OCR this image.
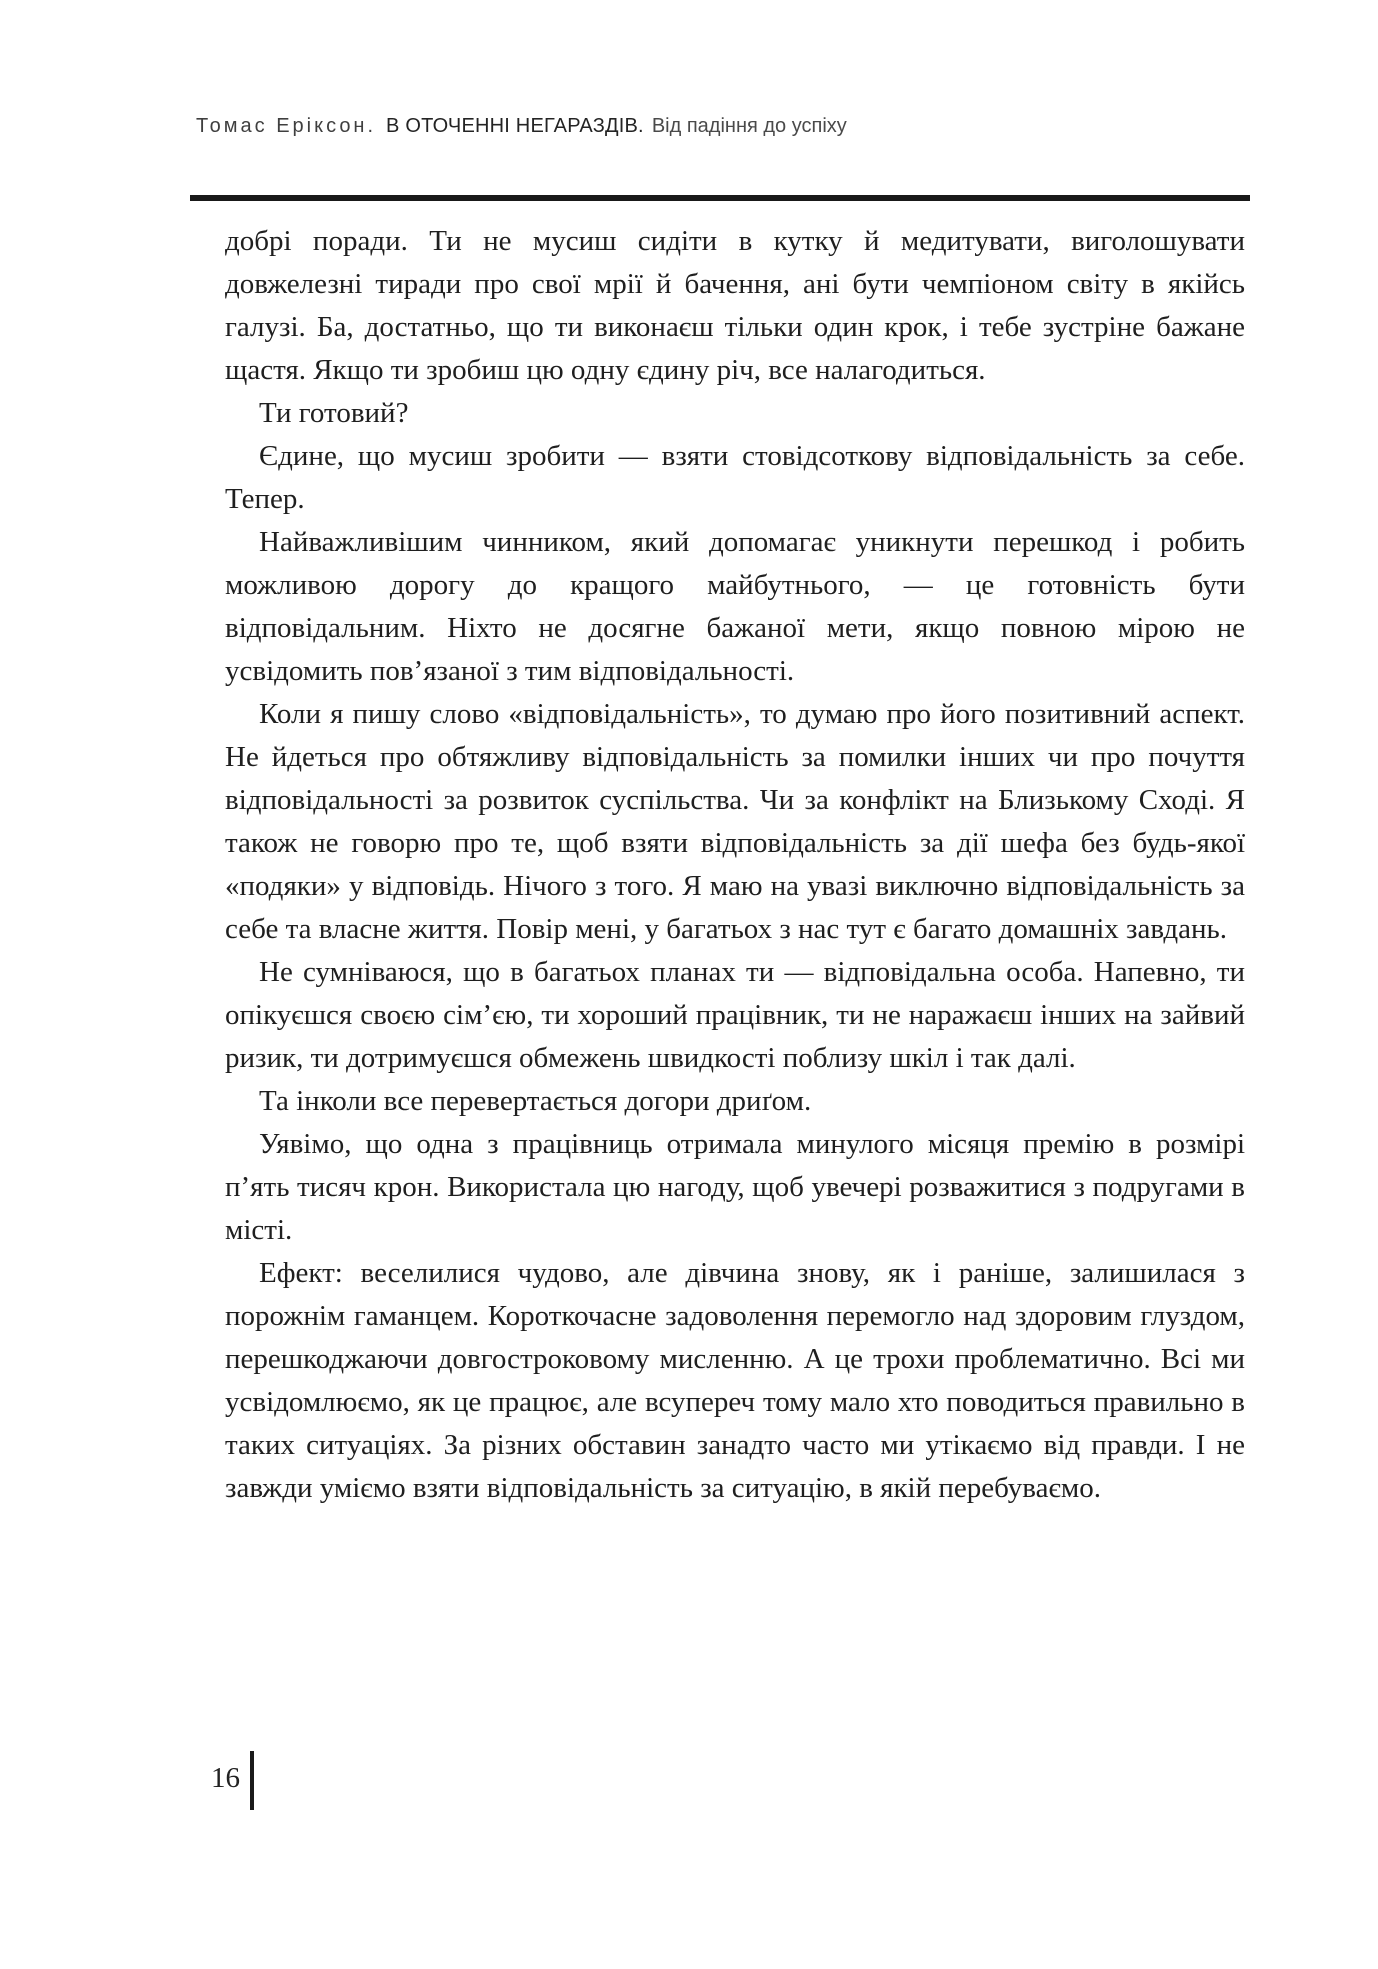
Томас Еріксон. В ОТОЧЕННІ НЕГАРАЗДІВ. Від падіння до успіху

добрі поради. Ти не мусиш сидіти в кутку й медитувати, виголошувати довжелезні тиради про свої мрії й бачення, ані бути чемпіоном світу в якійсь галузі. Ба, достатньо, що ти виконаєш тільки один крок, і тебе зустріне бажане щастя. Якщо ти зробиш цю одну єдину річ, все налагодиться.

Ти готовий?

Єдине, що мусиш зробити — взяти стовідсоткову відповідальність за себе. Тепер.

Найважливішим чинником, який допомагає уникнути перешкод і робить можливою дорогу до кращого майбутнього, — це готовність бути відповідальним. Ніхто не досягне бажаної мети, якщо повною мірою не усвідомить пов’язаної з тим відповідальності.

Коли я пишу слово «відповідальність», то думаю про його позитивний аспект. Не йдеться про обтяжливу відповідальність за помилки інших чи про почуття відповідальності за розвиток суспільства. Чи за конфлікт на Близькому Сході. Я також не говорю про те, щоб взяти відповідальність за дії шефа без будь-якої «подяки» у відповідь. Нічого з того. Я маю на увазі виключно відповідальність за себе та власне життя. Повір мені, у багатьох з нас тут є багато домашніх завдань.

Не сумніваюся, що в багатьох планах ти — відповідальна особа. Напевно, ти опікуєшся своєю сім’єю, ти хороший працівник, ти не наражаєш інших на зайвий ризик, ти дотримуєшся обмежень швидкості поблизу шкіл і так далі.

Та інколи все перевертається догори дриґом.

Уявімо, що одна з працівниць отримала минулого місяця премію в розмірі п’ять тисяч крон. Використала цю нагоду, щоб увечері розважитися з подругами в місті.

Ефект: веселилися чудово, але дівчина знову, як і раніше, залишилася з порожнім гаманцем. Короткочасне задоволення перемогло над здоровим глуздом, перешкоджаючи довгостроковому мисленню. А це трохи проблематично. Всі ми усвідомлюємо, як це працює, але всупереч тому мало хто поводиться правильно в таких ситуаціях. За різних обставин занадто часто ми утікаємо від правди. І не завжди уміємо взяти відповідальність за ситуацію, в якій перебуваємо.

16
